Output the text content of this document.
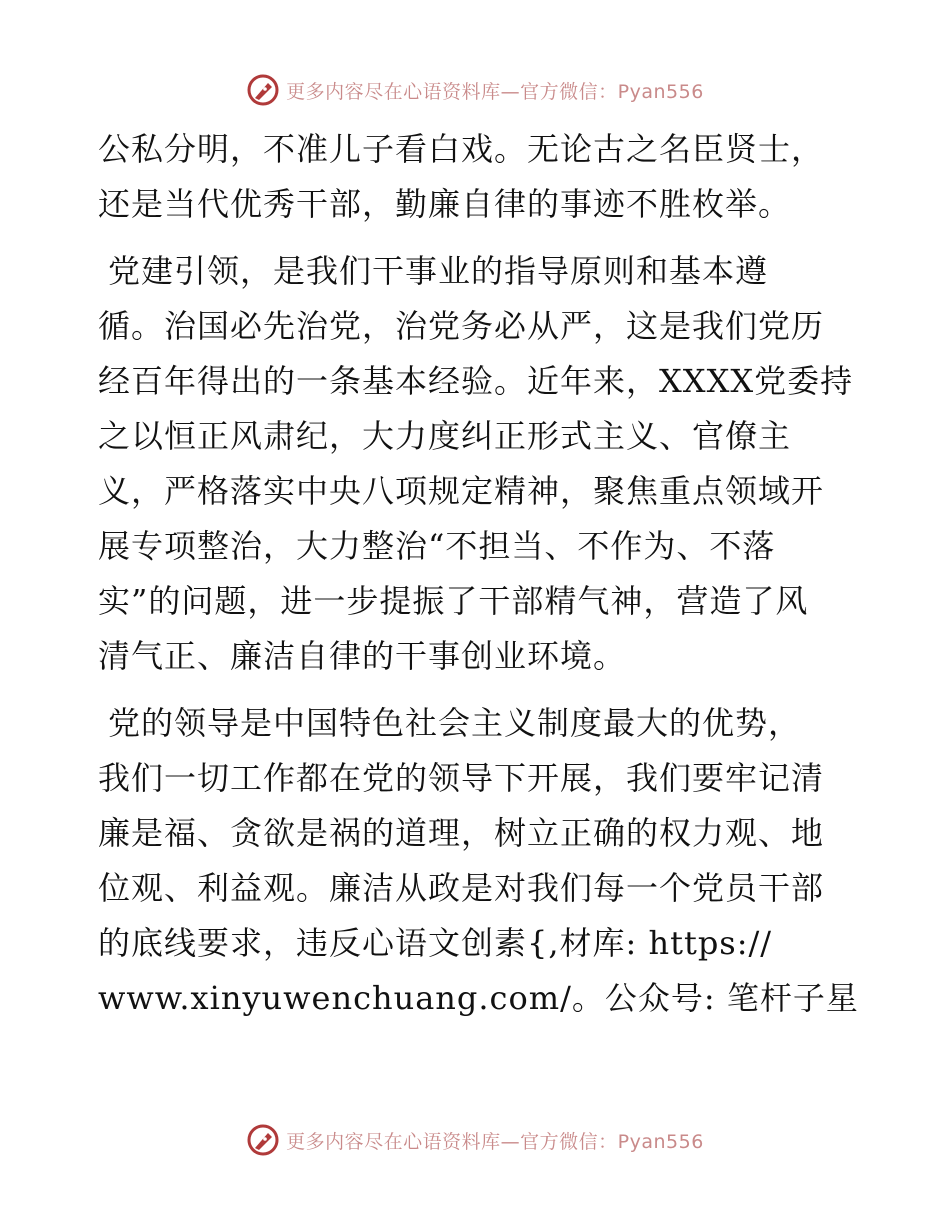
更多内容尽在心语资料库—官方微信：Pyan556
公私分明，不准儿子看白戏。无论古之名臣贤士，
还是当代优秀干部，勤廉自律的事迹不胜枚举。
党建引领，是我们干事业的指导原则和基本遵
循。治国必先治党，治党务必从严，这是我们党历
经百年得出的一条基本经验。近年来，XXXX党委持
之以恒正风肃纪，大力度纠正形式主义、官僚主
义，严格落实中央八项规定精神，聚焦重点领域开
展专项整治，大力整治“不担当、不作为、不落
实”的问题，进一步提振了干部精气神，营造了风
清气正、廉洁自律的干事创业环境。
党的领导是中国特色社会主义制度最大的优势，
我们一切工作都在党的领导下开展，我们要牢记清
廉是福、贪欲是祸的道理，树立正确的权力观、地
位观、利益观。廉洁从政是对我们每一个党员干部
的底线要求，违反心语文创素{,材库: https://
www.xinyuwenchuang.com/。公众号: 笔杆子星
更多内容尽在心语资料库—官方微信：Pyan556
